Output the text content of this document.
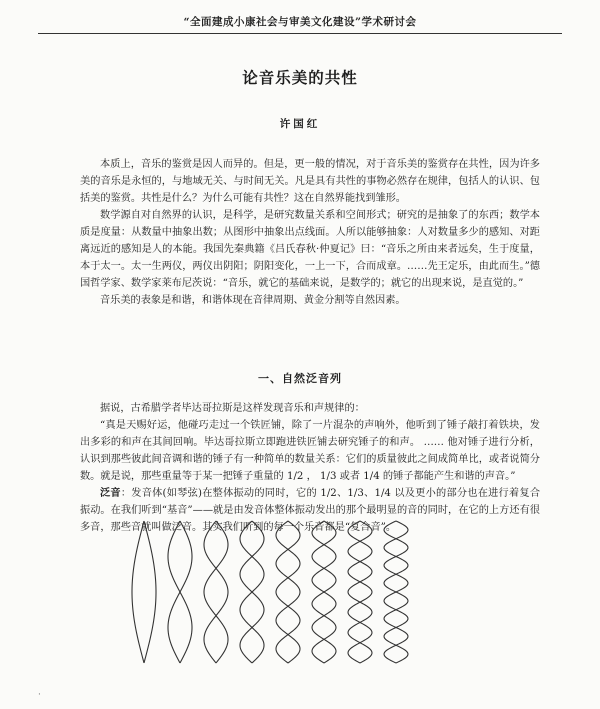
“全面建成小康社会与审美文化建设”学术研讨会
论音乐美的共性
许国红

本质上，音乐的鉴赏是因人而异的。但是，更一般的情况，对于音乐美的鉴赏存在共性，因为许多美的音乐是永恒的，与地域无关、与时间无关。凡是具有共性的事物必然存在规律，包括人的认识、包括美的鉴赏。共性是什么？为什么可能有共性？这在自然界能找到雏形。

数学源自对自然界的认识，是科学，是研究数量关系和空间形式；研究的是抽象了的东西；数学本质是度量：从数量中抽象出数；从图形中抽象出点线面。人所以能够抽象：人对数量多少的感知、对距离远近的感知是人的本能。我国先秦典籍《吕氏春秋·仲夏记》曰：“音乐之所由来者远矣，生于度量，本于太一。太一生两仪，两仪出阴阳；阴阳变化，一上一下，合而成章。……先王定乐，由此而生。”德国哲学家、数学家莱布尼茨说：“音乐，就它的基础来说，是数学的；就它的出现来说，是直觉的。”

音乐美的表象是和谐，和谐体现在音律周期、黄金分割等自然因素。

一、自然泛音列

据说，古希腊学者毕达哥拉斯是这样发现音乐和声规律的：

“真是天赐好运，他碰巧走过一个铁匠铺，除了一片混杂的声响外，他听到了锤子敲打着铁块，发出多彩的和声在其间回响。毕达哥拉斯立即跑进铁匠铺去研究锤子的和声。 …… 他对锤子进行分析，认识到那些彼此间音调和谐的锤子有一种简单的数量关系：它们的质量彼此之间成简单比，或者说简分数。就是说，那些重量等于某一把锤子重量的 1/2 ， 1/3 或者 1/4 的锤子都能产生和谐的声音。”

泛音：发音体(如琴弦)在整体振动的同时，它的 1/2、1/3、1/4 以及更小的部分也在进行着复合振动。在我们听到“基音”——就是由发音体整体振动发出的那个最明显的音的同时，在它的上方还有很多音，那些音就叫做泛音。其实我们听到的每一个乐音都是“复合音”。

·
